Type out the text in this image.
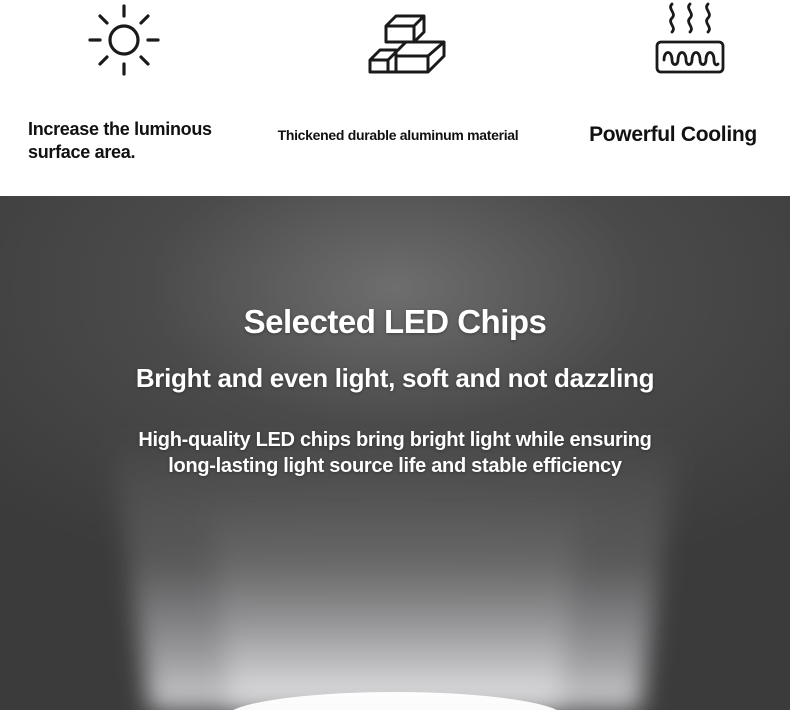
Increase the luminous surface area.
Thickened durable aluminum material	Powerful Cooling
Selected LED Chips
Bright and even light, soft and not dazzling
High-quality LED chips bring bright light while ensuring
long-lasting light source life and stable efficiency
